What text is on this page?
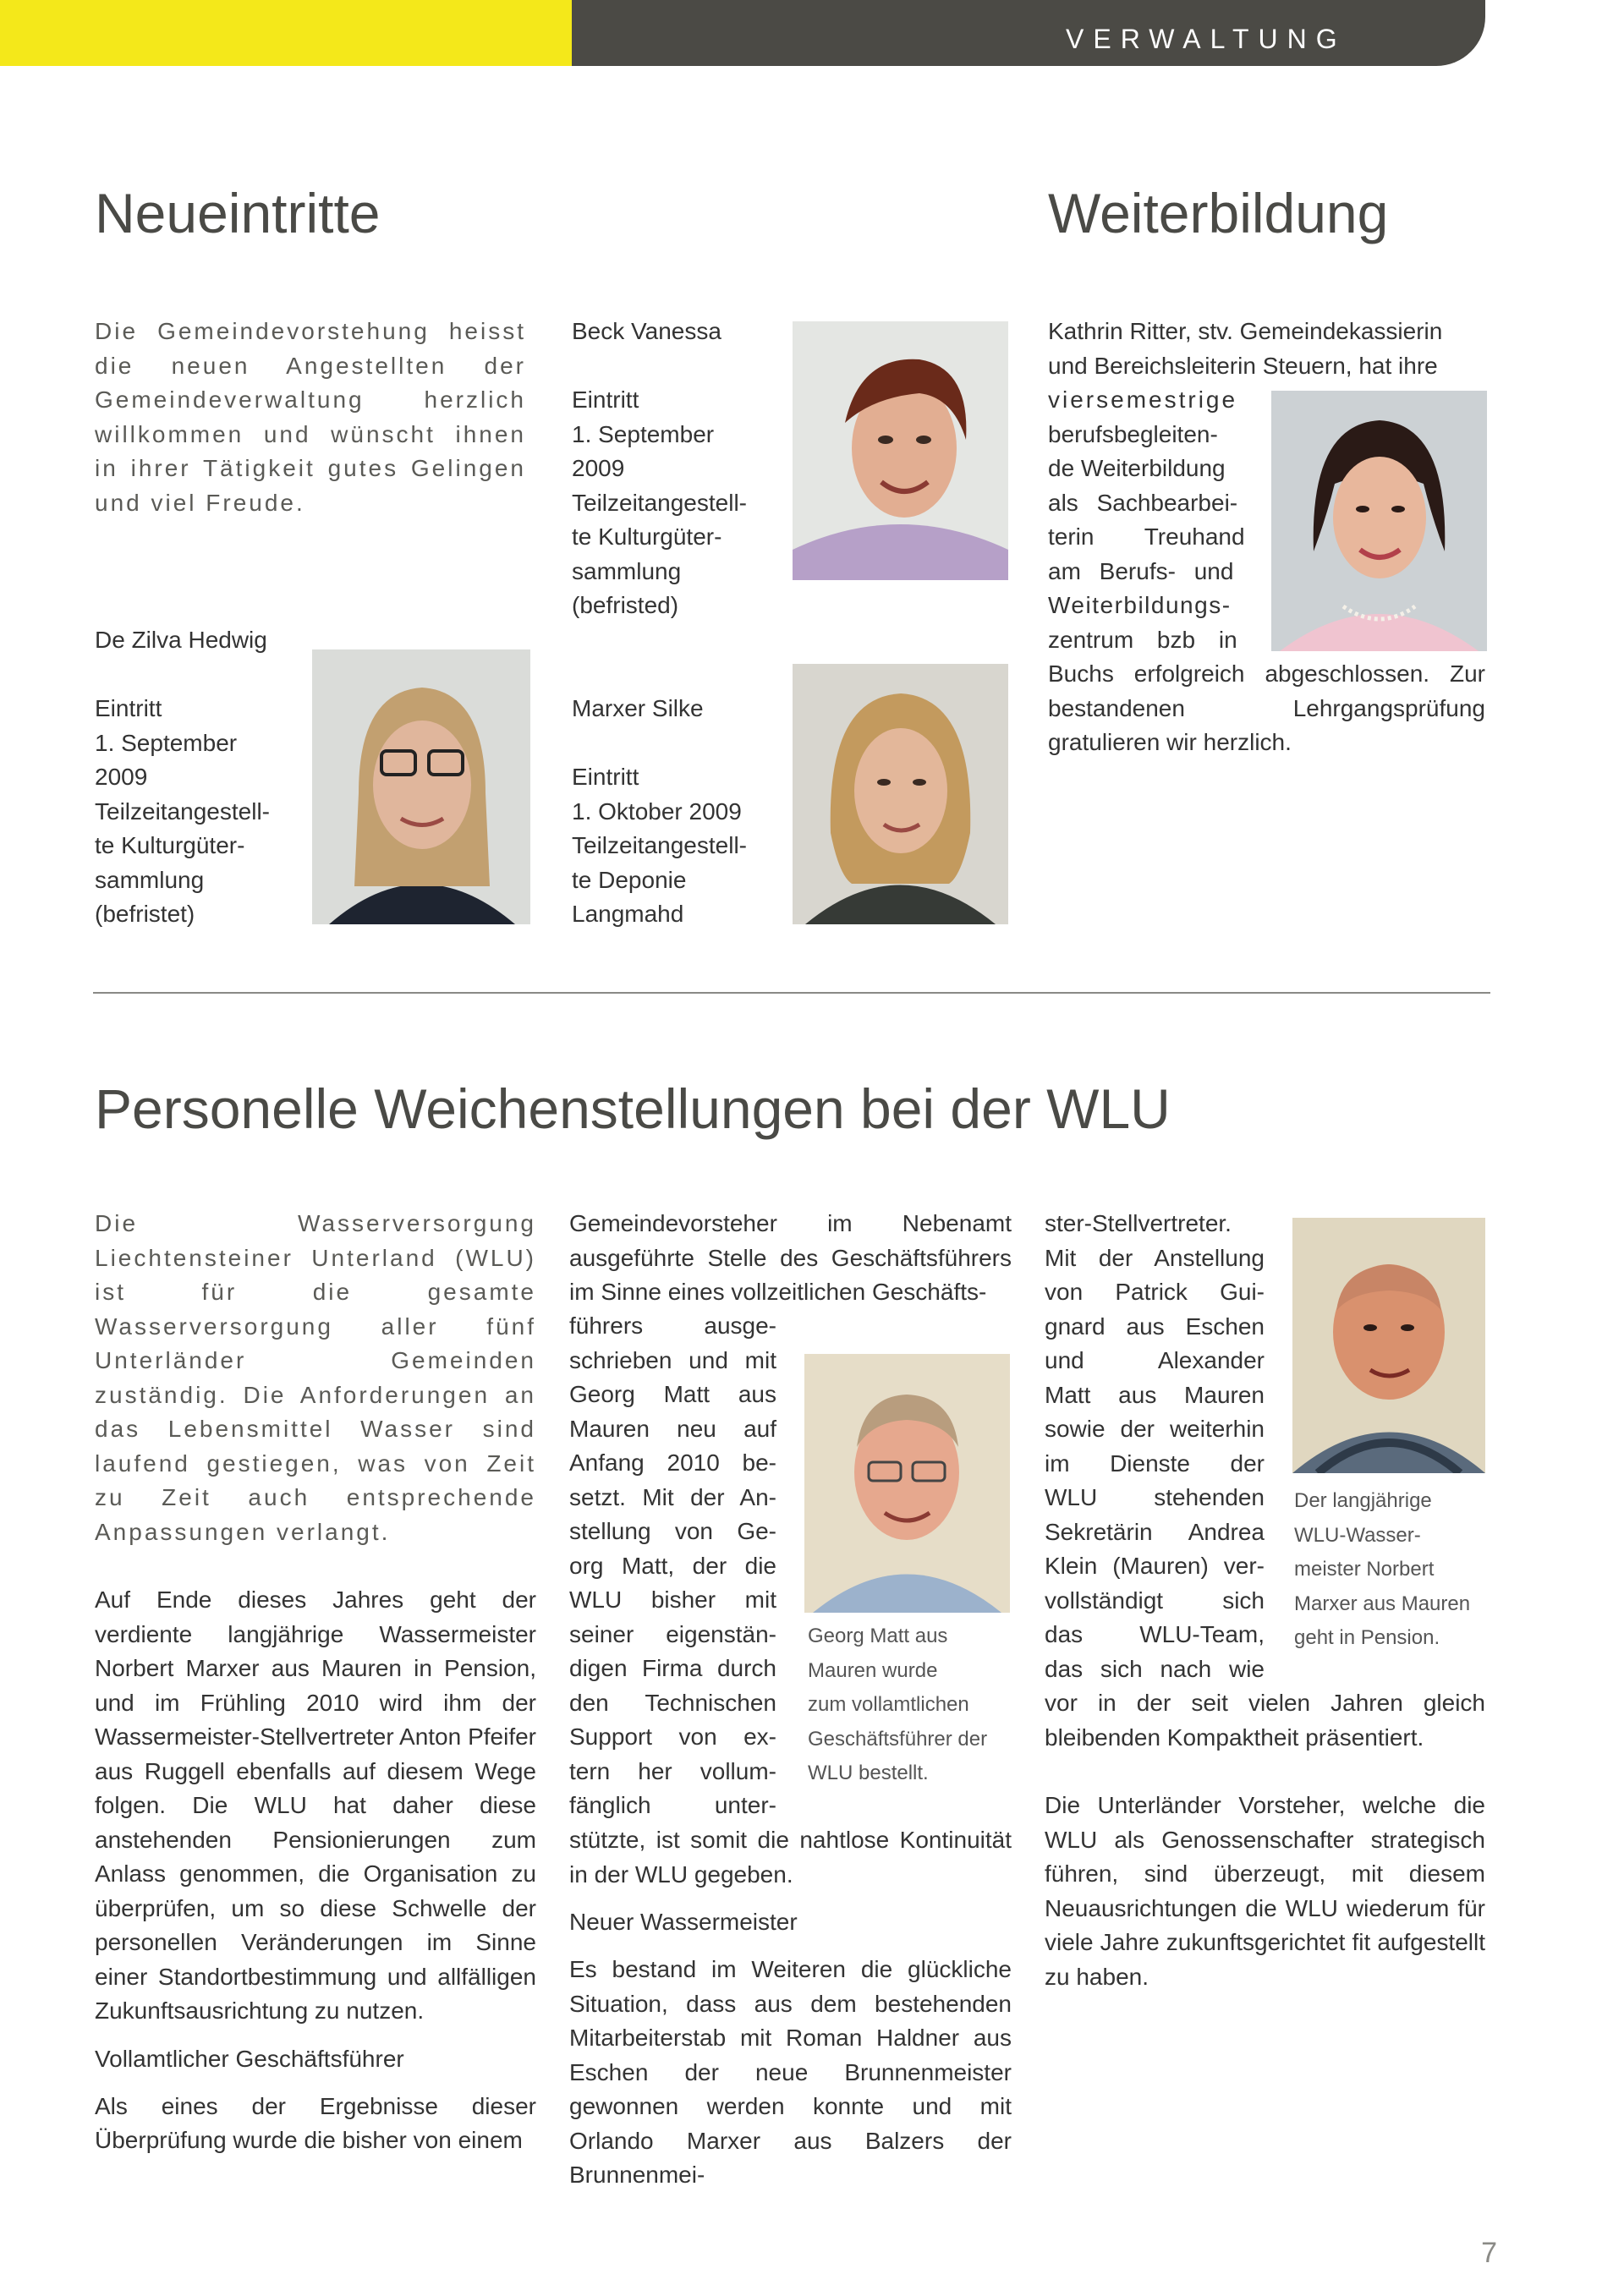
VERWALTUNG
Neueintritte

Die Gemeindevorstehung heisst die neuen Angestellten der Gemeindeverwaltung herzlich willkommen und wünscht ihnen in ihrer Tätigkeit gutes Gelingen und viel Freude.

Beck Vanessa
Eintritt
1. September
2009
Teilzeitangestell-
te Kulturgüter-
sammlung
(befristed)
De Zilva Hedwig
Eintritt
1. September
2009
Teilzeitangestell-
te Kulturgüter-
sammlung
(befristet)
Marxer Silke
Eintritt
1. Oktober 2009
Teilzeitangestell-
te Deponie
Langmahd
Weiterbildung
Kathrin Ritter, stv. Gemeindekassierin
und Bereichsleiterin Steuern, hat ihre
viersemestrige
berufsbegleiten-
de Weiterbildung
als Sachbearbei-
terin Treuhand
am Berufs- und
Weiterbildungs-
zentrum bzb in

Buchs erfolgreich abgeschlossen. Zur bestandenen Lehrgangsprüfung gratulieren wir herzlich.

Personelle Weichenstellungen bei der WLU

Die Wasserversorgung Liechtensteiner Unterland (WLU) ist für die gesamte Wasserversorgung aller fünf Unterländer Gemeinden zuständig. Die Anforderungen an das Lebensmittel Wasser sind laufend gestiegen, was von Zeit zu Zeit auch entsprechende Anpassungen verlangt.

Auf Ende dieses Jahres geht der verdiente langjährige Wassermeister Norbert Marxer aus Mauren in Pension, und im Frühling 2010 wird ihm der Wassermeister-Stellvertreter Anton Pfeifer aus Ruggell ebenfalls auf diesem Wege folgen. Die WLU hat daher diese anstehenden Pensionierungen zum Anlass genommen, die Organisation zu überprüfen, um so diese Schwelle der personellen Veränderungen im Sinne einer Standortbestimmung und allfälligen Zukunftsausrichtung zu nutzen.

Vollamtlicher Geschäftsführer

Als eines der Ergebnisse dieser Überprüfung wurde die bisher von einem

Gemeindevorsteher im Nebenamt ausgeführte Stelle des Geschäftsführers im Sinne eines vollzeitlichen Geschäfts-

führers ausge-
schrieben und mit
Georg Matt aus
Mauren neu auf
Anfang 2010 be-
setzt. Mit der An-
stellung von Ge-
org Matt, der die
WLU bisher mit
seiner eigenstän-
digen Firma durch
den Technischen
Support von ex-
tern her vollum-
fänglich unter-
Georg Matt aus
Mauren wurde
zum vollamtlichen
Geschäftsführer der
WLU bestellt.

stützte, ist somit die nahtlose Kontinuität in der WLU gegeben.

Neuer Wassermeister

Es bestand im Weiteren die glückliche Situation, dass aus dem bestehenden Mitarbeiterstab mit Roman Haldner aus Eschen der neue Brunnenmeister gewonnen werden konnte und mit Orlando Marxer aus Balzers der Brunnenmei-

ster-Stellvertreter.
Mit der Anstellung
von Patrick Gui-
gnard aus Eschen
und Alexander
Matt aus Mauren
sowie der weiterhin
im Dienste der
WLU stehenden
Sekretärin Andrea
Klein (Mauren) ver-
vollständigt sich
das WLU-Team,
das sich nach wie
Der langjährige
WLU-Wasser-
meister Norbert
Marxer aus Mauren
geht in Pension.

vor in der seit vielen Jahren gleich bleibenden Kompaktheit präsentiert.

Die Unterländer Vorsteher, welche die WLU als Genossenschafter strategisch führen, sind überzeugt, mit diesem Neuausrichtungen die WLU wiederum für viele Jahre zukunftsgerichtet fit aufgestellt zu haben.

7
